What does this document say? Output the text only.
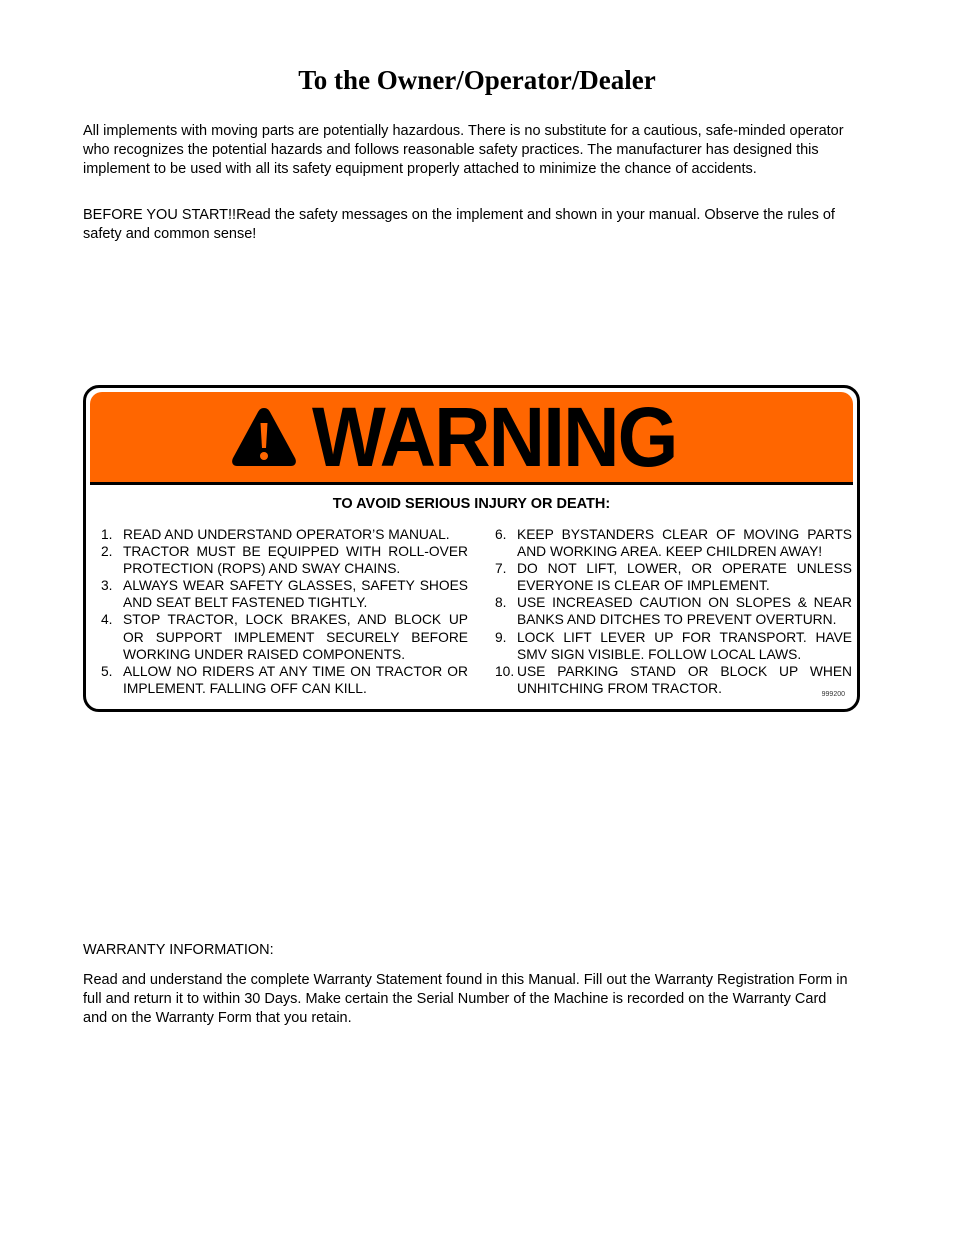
To the Owner/Operator/Dealer

All implements with moving parts are potentially hazardous. There is no substitute for a cautious, safe-minded operator who recognizes the potential hazards and follows reasonable safety practices. The manufacturer has designed this implement to be used with all its safety equipment properly attached to minimize the chance of accidents.

BEFORE YOU START!!Read the safety messages on the implement and shown in your manual. Observe the rules of safety and common sense!

WARNING
TO AVOID SERIOUS INJURY OR DEATH:
1. READ AND UNDERSTAND OPERATOR’S MANUAL.
2. TRACTOR MUST BE EQUIPPED WITH ROLL-OVER PROTECTION (ROPS) AND SWAY CHAINS.
3. ALWAYS WEAR SAFETY GLASSES, SAFETY SHOES AND SEAT BELT FASTENED TIGHTLY.
4. STOP TRACTOR, LOCK BRAKES, AND BLOCK UP OR SUPPORT IMPLEMENT SECURELY BEFORE WORKING UNDER RAISED COMPONENTS.
5. ALLOW NO RIDERS AT ANY TIME ON TRACTOR OR IMPLEMENT. FALLING OFF CAN KILL.
6. KEEP BYSTANDERS CLEAR OF MOVING PARTS AND WORKING AREA. KEEP CHILDREN AWAY!
7. DO NOT LIFT, LOWER, OR OPERATE UNLESS EVERYONE IS CLEAR OF IMPLEMENT.
8. USE INCREASED CAUTION ON SLOPES & NEAR BANKS AND DITCHES TO PREVENT OVERTURN.
9. LOCK LIFT LEVER UP FOR TRANSPORT. HAVE SMV SIGN VISIBLE. FOLLOW LOCAL LAWS.
10. USE PARKING STAND OR BLOCK UP WHEN UNHITCHING FROM TRACTOR.	999200

WARRANTY INFORMATION:

Read and understand the complete Warranty Statement found in this Manual. Fill out the Warranty Registration Form in full and return it to within 30 Days. Make certain the Serial Number of the Machine is recorded on the Warranty Card and on the Warranty Form that you retain.
